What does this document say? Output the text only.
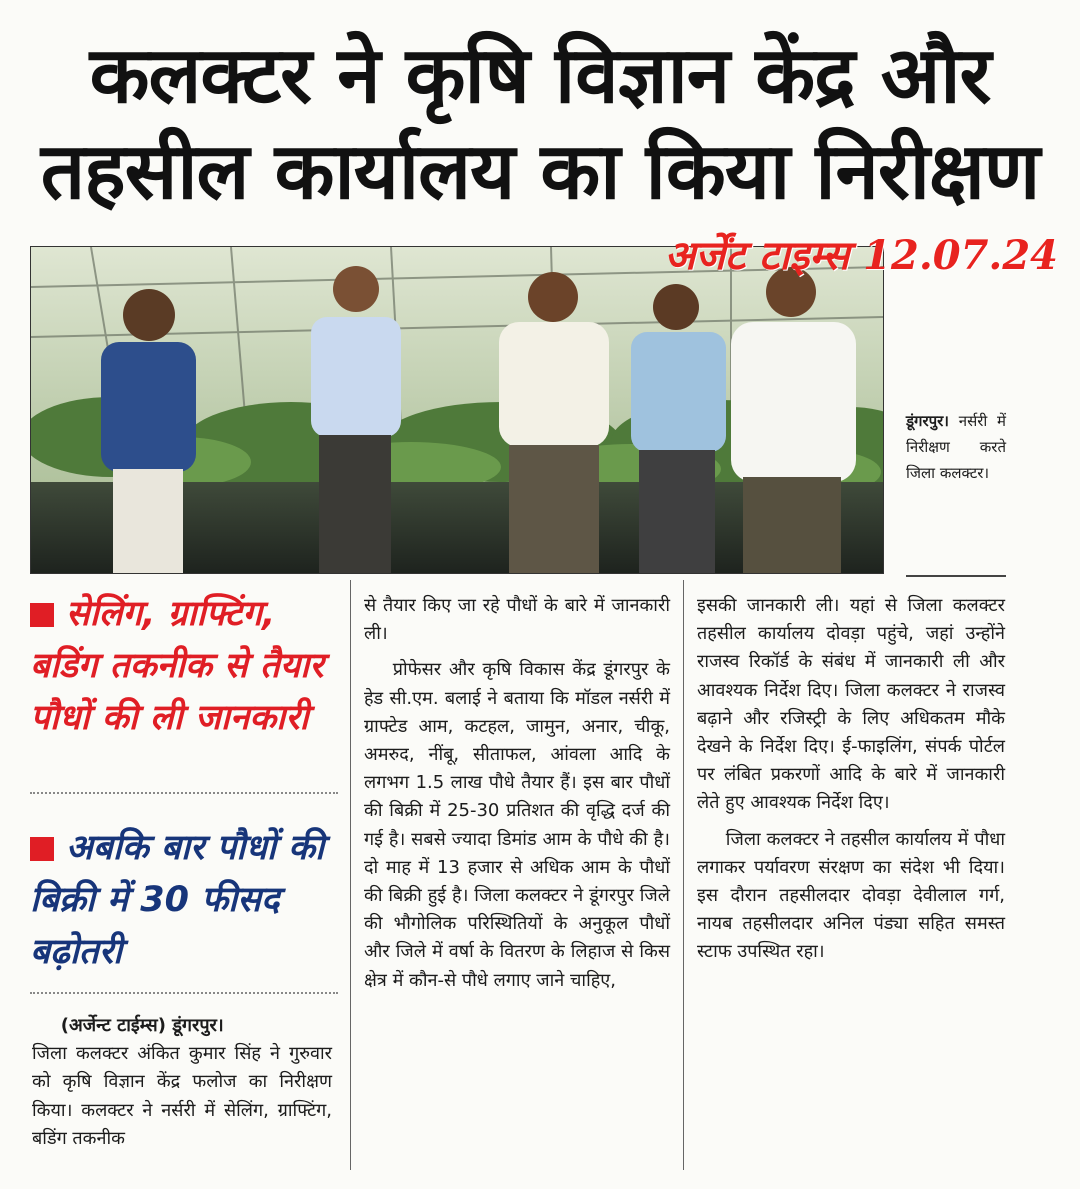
कलक्टर ने कृषि विज्ञान केंद्र और
तहसील कार्यालय का किया निरीक्षण
अर्जेंट टाइम्स 12.07.24
डूंगरपुर। नर्सरी में निरीक्षण करते जिला कलक्टर।
सेलिंग, ग्राफ्टिंग, बडिंग तकनीक से तैयार पौधों की ली जानकारी
अबकि बार पौधों की बिक्री में 30 फीसद बढ़ोतरी

(अर्जेन्ट टाईम्स) डूंगरपुर।

जिला कलक्टर अंकित कुमार सिंह ने गुरुवार को कृषि विज्ञान केंद्र फलोज का निरीक्षण किया। कलक्टर ने नर्सरी में सेलिंग, ग्राफ्टिंग, बडिंग तकनीक

से तैयार किए जा रहे पौधों के बारे में जानकारी ली।

प्रोफेसर और कृषि विकास केंद्र डूंगरपुर के हेड सी.एम. बलाई ने बताया कि मॉडल नर्सरी में ग्राफ्टेड आम, कटहल, जामुन, अनार, चीकू, अमरुद, नींबू, सीताफल, आंवला आदि के लगभग 1.5 लाख पौधे तैयार हैं। इस बार पौधों की बिक्री में 25-30 प्रतिशत की वृद्धि दर्ज की गई है। सबसे ज्यादा डिमांड आम के पौधे की है। दो माह में 13 हजार से अधिक आम के पौधों की बिक्री हुई है। जिला कलक्टर ने डूंगरपुर जिले की भौगोलिक परिस्थितियों के अनुकूल पौधों और जिले में वर्षा के वितरण के लिहाज से किस क्षेत्र में कौन-से पौधे लगाए जाने चाहिए,

इसकी जानकारी ली। यहां से जिला कलक्टर तहसील कार्यालय दोवड़ा पहुंचे, जहां उन्होंने राजस्व रिकॉर्ड के संबंध में जानकारी ली और आवश्यक निर्देश दिए। जिला कलक्टर ने राजस्व बढ़ाने और रजिस्ट्री के लिए अधिकतम मौके देखने के निर्देश दिए। ई-फाइलिंग, संपर्क पोर्टल पर लंबित प्रकरणों आदि के बारे में जानकारी लेते हुए आवश्यक निर्देश दिए।

जिला कलक्टर ने तहसील कार्यालय में पौधा लगाकर पर्यावरण संरक्षण का संदेश भी दिया। इस दौरान तहसीलदार दोवड़ा देवीलाल गर्ग, नायब तहसीलदार अनिल पंड्या सहित समस्त स्टाफ उपस्थित रहा।
